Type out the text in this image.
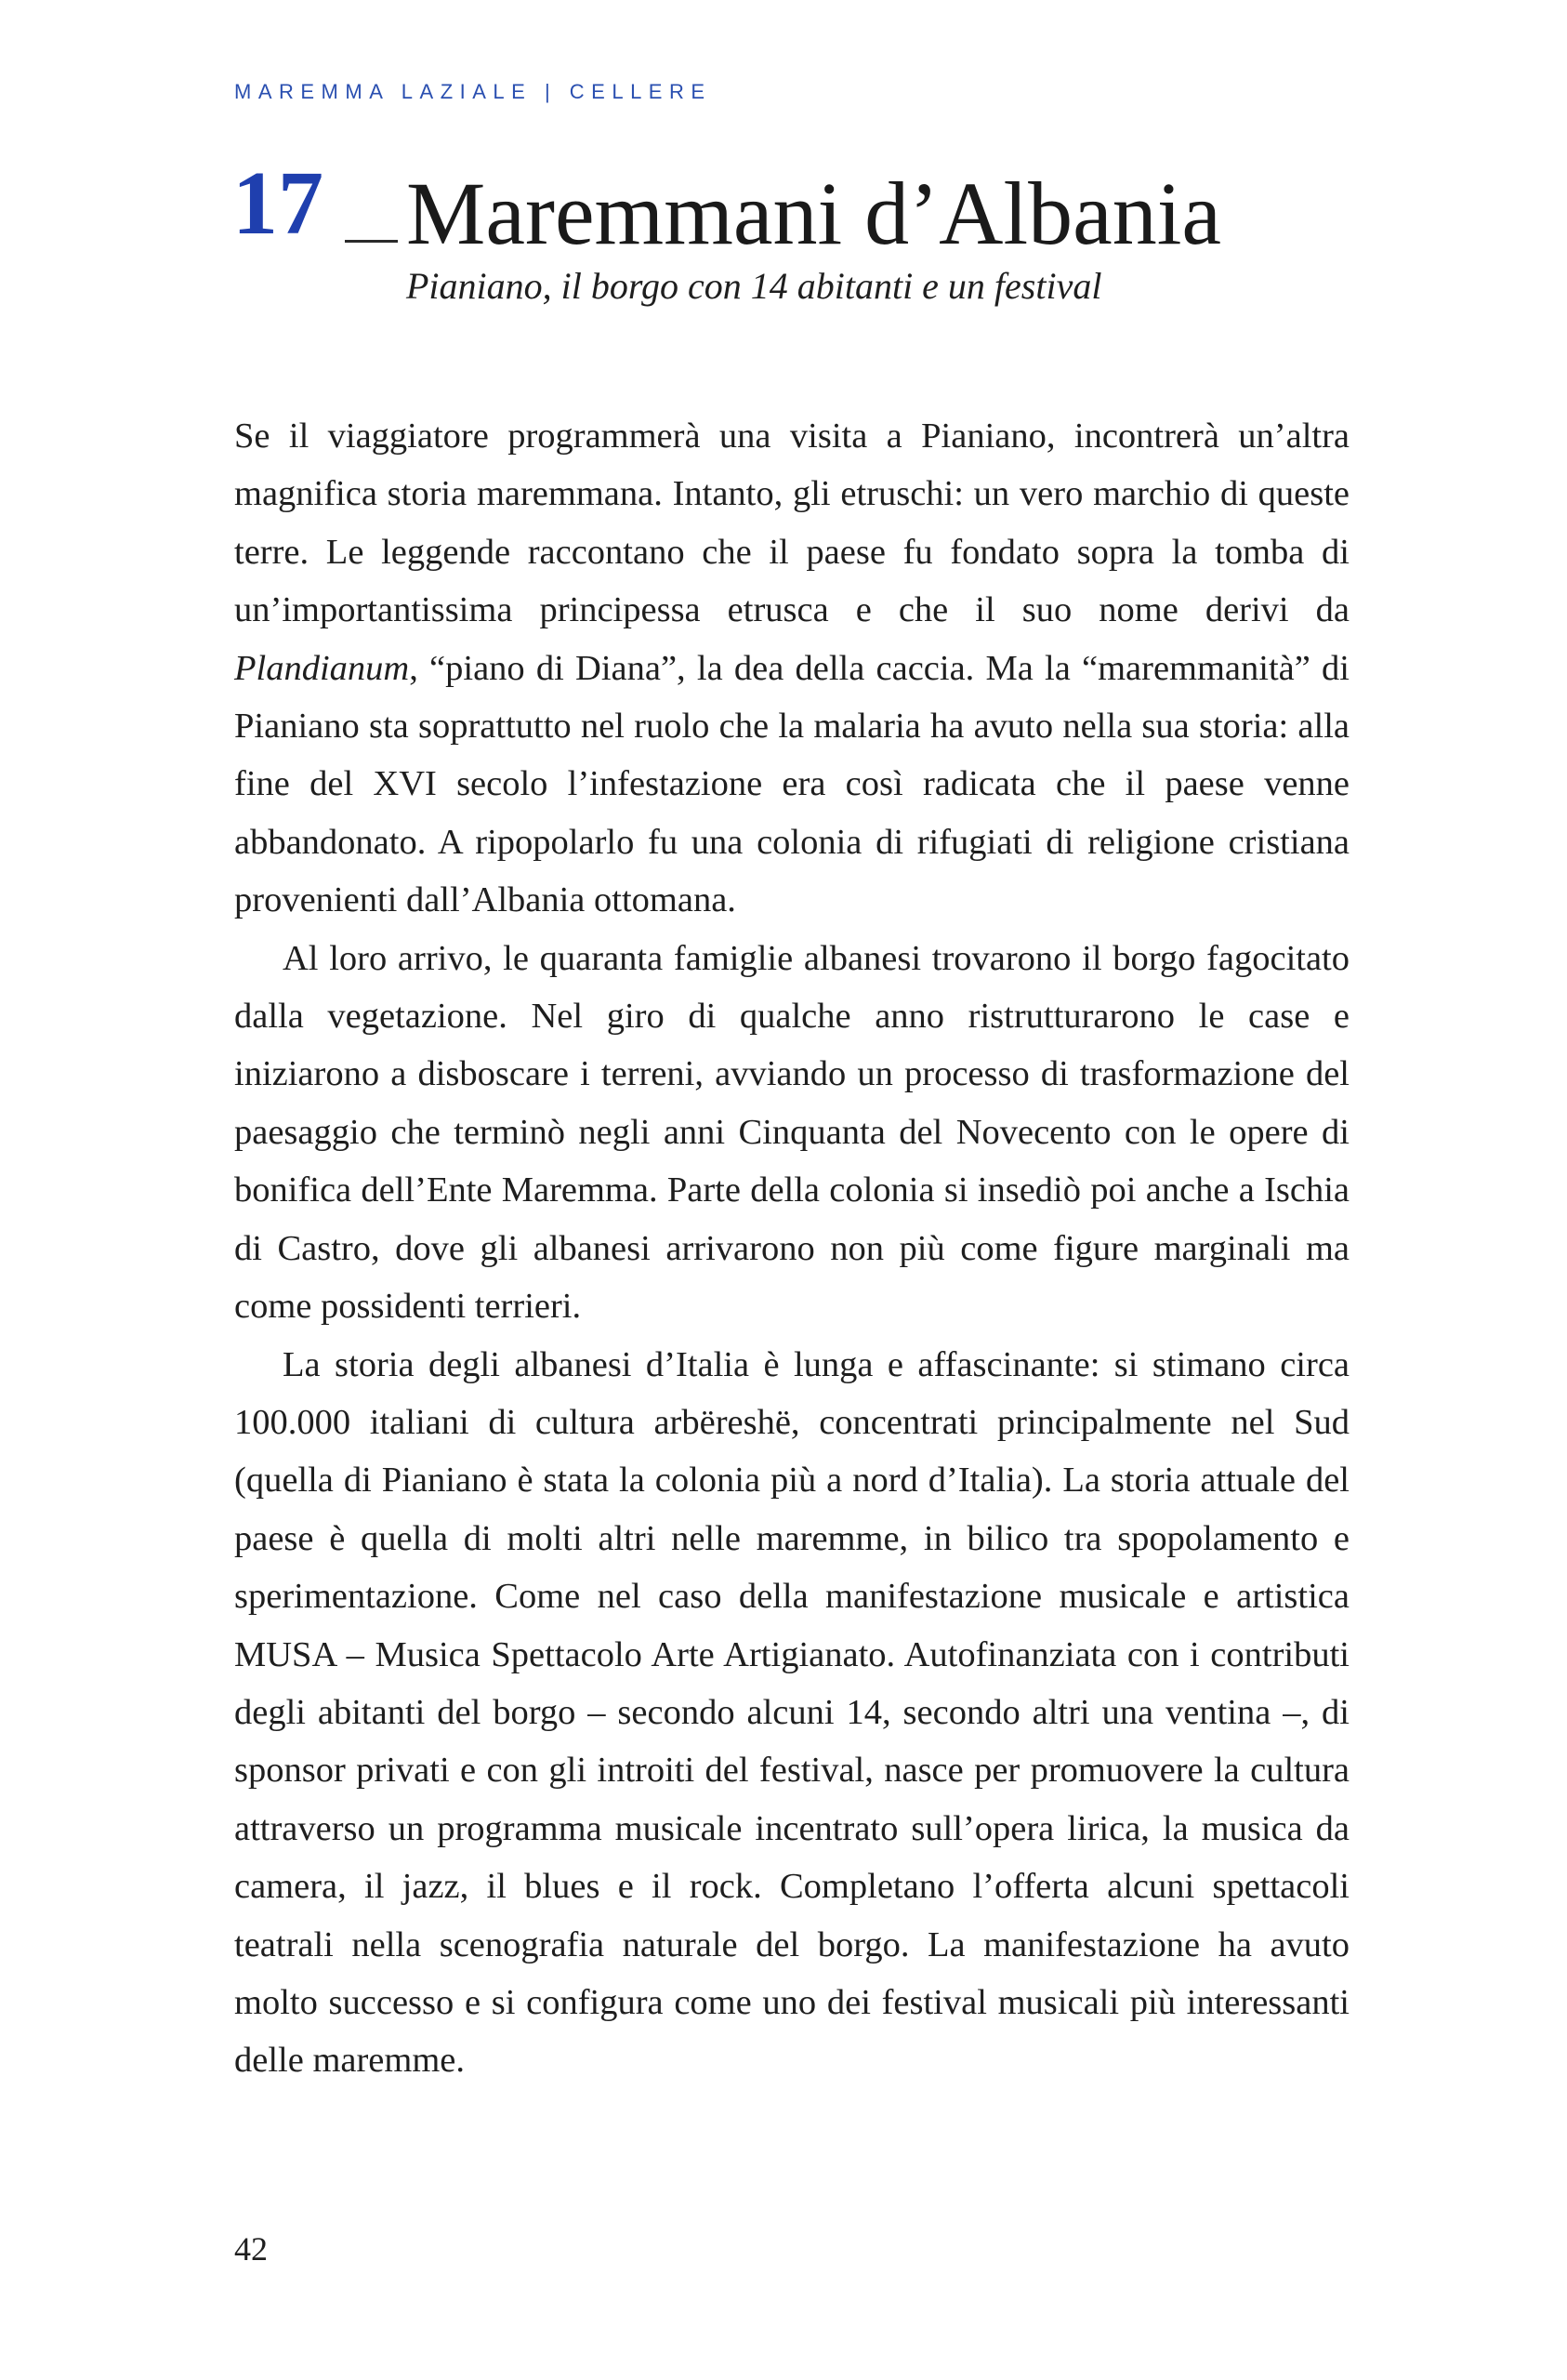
MAREMMA LAZIALE | CELLERE
17 Maremmani d’Albania
Pianiano, il borgo con 14 abitanti e un festival

Se il viaggiatore programmerà una visita a Pianiano, incontrerà un’altra magnifica storia maremmana. Intanto, gli etruschi: un vero marchio di queste terre. Le leggende raccontano che il paese fu fondato sopra la tomba di un’importantissima principessa etrusca e che il suo nome derivi da Plandianum, “piano di Diana”, la dea della caccia. Ma la “maremmanità” di Pianiano sta soprattutto nel ruolo che la malaria ha avuto nella sua storia: alla fine del XVI secolo l’infestazione era così radicata che il paese venne abbandonato. A ripopolarlo fu una colonia di rifugiati di religione cristiana provenienti dall’Albania ottomana.

Al loro arrivo, le quaranta famiglie albanesi trovarono il borgo fagocitato dalla vegetazione. Nel giro di qualche anno ristrutturarono le case e iniziarono a disboscare i terreni, avviando un processo di trasformazione del paesaggio che terminò negli anni Cinquanta del Novecento con le opere di bonifica dell’Ente Maremma. Parte della colonia si insediò poi anche a Ischia di Castro, dove gli albanesi arrivarono non più come figure marginali ma come possidenti terrieri.

La storia degli albanesi d’Italia è lunga e affascinante: si stimano circa 100.000 italiani di cultura arbëreshë, concentrati principalmente nel Sud (quella di Pianiano è stata la colonia più a nord d’Italia). La storia attuale del paese è quella di molti altri nelle maremme, in bilico tra spopolamento e sperimentazione. Come nel caso della manifestazione musicale e artistica MUSA – Musica Spettacolo Arte Artigianato. Autofinanziata con i contributi degli abitanti del borgo – secondo alcuni 14, secondo altri una ventina –, di sponsor privati e con gli introiti del festival, nasce per promuovere la cultura attraverso un programma musicale incentrato sull’opera lirica, la musica da camera, il jazz, il blues e il rock. Completano l’offerta alcuni spettacoli teatrali nella scenografia naturale del borgo. La manifestazione ha avuto molto successo e si configura come uno dei festival musicali più interessanti delle maremme.

42
